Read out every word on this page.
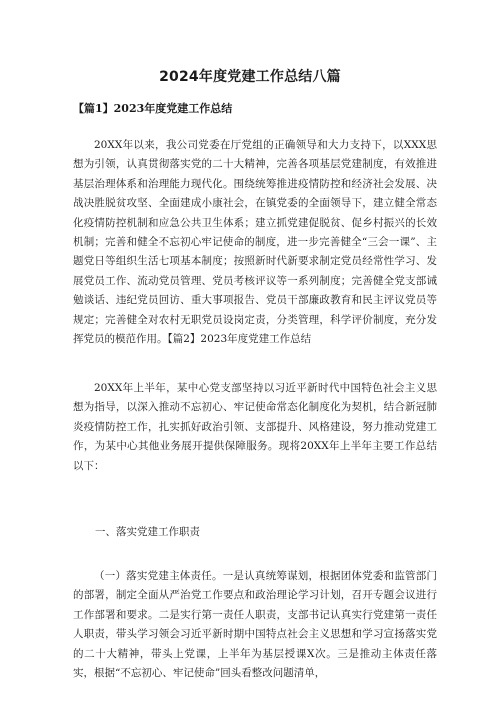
2024年度党建工作总结八篇
【篇1】2023年度党建工作总结

20XX年以来，我公司党委在厅党组的正确领导和大力支持下，以XXX思想为引领，认真贯彻落实党的二十大精神，完善各项基层党建制度，有效推进基层治理体系和治理能力现代化。围绕统筹推进疫情防控和经济社会发展、决战决胜脱贫攻坚、全面建成小康社会，在镇党委的全面领导下，建立健全常态化疫情防控机制和应急公共卫生体系；建立抓党建促脱贫、促乡村振兴的长效机制；完善和健全不忘初心牢记使命的制度，进一步完善健全“三会一课”、主题党日等组织生活七项基本制度；按照新时代新要求制定党员经常性学习、发展党员工作、流动党员管理、党员考核评议等一系列制度；完善健全党支部诫勉谈话、违纪党员回访、重大事项报告、党员干部廉政教育和民主评议党员等规定；完善健全对农村无职党员设岗定责，分类管理，科学评价制度，充分发挥党员的模范作用。【篇2】2023年度党建工作总结

20XX年上半年，某中心党支部坚持以习近平新时代中国特色社会主义思想为指导，以深入推动不忘初心、牢记使命常态化制度化为契机，结合新冠肺炎疫情防控工作，扎实抓好政治引领、支部提升、风格建设，努力推动党建工作，为某中心其他业务展开提供保障服务。现将20XX年上半年主要工作总结以下：

一、落实党建工作职责

（一）落实党建主体责任。一是认真统筹谋划，根据团体党委和监管部门的部署，制定全面从严治党工作要点和政治理论学习计划，召开专题会议进行工作部署和要求。二是实行第一责任人职责，支部书记认真实行党建第一责任人职责，带头学习领会习近平新时期中国特点社会主义思想和学习宣扬落实党的二十大精神，带头上党课，上半年为基层授课X次。三是推动主体责任落实，根据“不忘初心、牢记使命”回头看整改问题清单，
